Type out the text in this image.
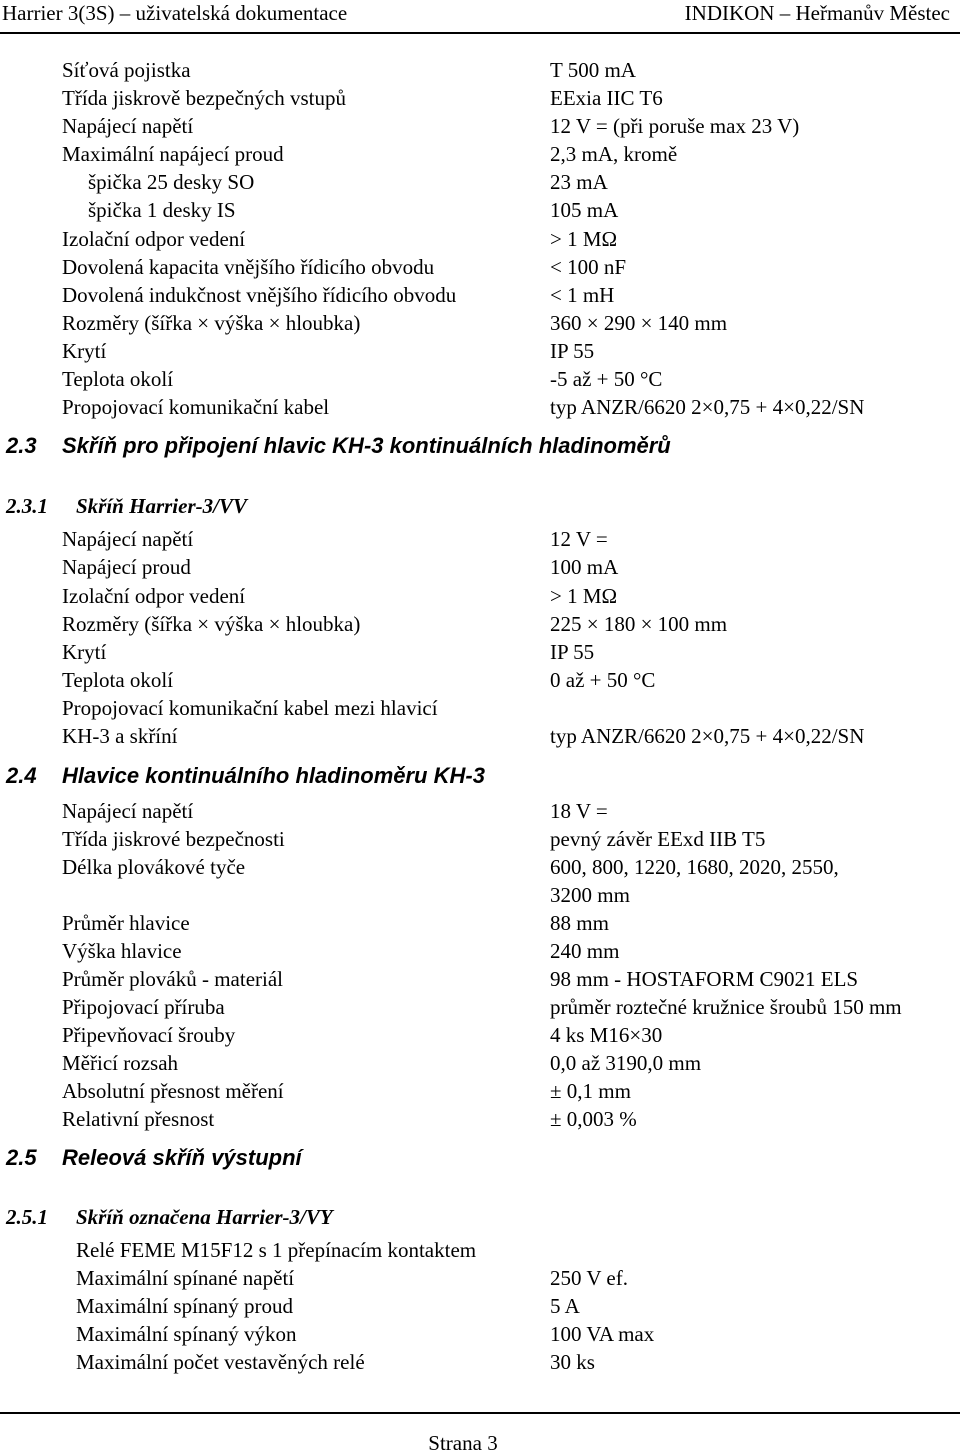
Harrier 3(3S) – uživatelská dokumentace	INDIKON – Heřmanův Městec
Síťová pojistka	T 500 mA
Třída jiskrově bezpečných vstupů	EExia IIC T6
Napájecí napětí	12 V = (při poruše max 23 V)
Maximální napájecí proud	2,3 mA, kromě
špička 25 desky SO	23 mA
špička 1 desky IS	105 mA
Izolační odpor vedení	> 1 MΩ
Dovolená kapacita vnějšího řídicího obvodu	< 100 nF
Dovolená indukčnost vnějšího řídicího obvodu	< 1 mH
Rozměry (šířka × výška × hloubka)	360 × 290 × 140 mm
Krytí	IP 55
Teplota okolí	-5 až + 50 °C
Propojovací komunikační kabel	typ ANZR/6620 2×0,75 + 4×0,22/SN
2.3 Skříň pro připojení hlavic KH-3 kontinuálních hladinoměrů
2.3.1 Skříň Harrier-3/VV
Napájecí napětí	12 V =
Napájecí proud	100 mA
Izolační odpor vedení	> 1 MΩ
Rozměry (šířka × výška × hloubka)	225 × 180 × 100 mm
Krytí	IP 55
Teplota okolí	0 až + 50 °C
Propojovací komunikační kabel mezi hlavicí
KH-3 a skříní	typ ANZR/6620 2×0,75 + 4×0,22/SN
2.4 Hlavice kontinuálního hladinoměru KH-3
Napájecí napětí	18 V =
Třída jiskrové bezpečnosti	pevný závěr EExd IIB T5
Délka plovákové tyče	600, 800, 1220, 1680, 2020, 2550,
3200 mm
Průměr hlavice	88 mm
Výška hlavice	240 mm
Průměr plováků - materiál	98 mm - HOSTAFORM C9021 ELS
Připojovací příruba	průměr roztečné kružnice šroubů 150 mm
Připevňovací šrouby	4 ks M16×30
Měřicí rozsah	0,0 až 3190,0 mm
Absolutní přesnost měření	± 0,1 mm
Relativní přesnost	± 0,003 %
2.5 Releová skříň výstupní
2.5.1 Skříň označena Harrier-3/VY
Relé FEME M15F12 s 1 přepínacím kontaktem
Maximální spínané napětí	250 V ef.
Maximální spínaný proud	5 A
Maximální spínaný výkon	100 VA max
Maximální počet vestavěných relé	30 ks
Strana 3
